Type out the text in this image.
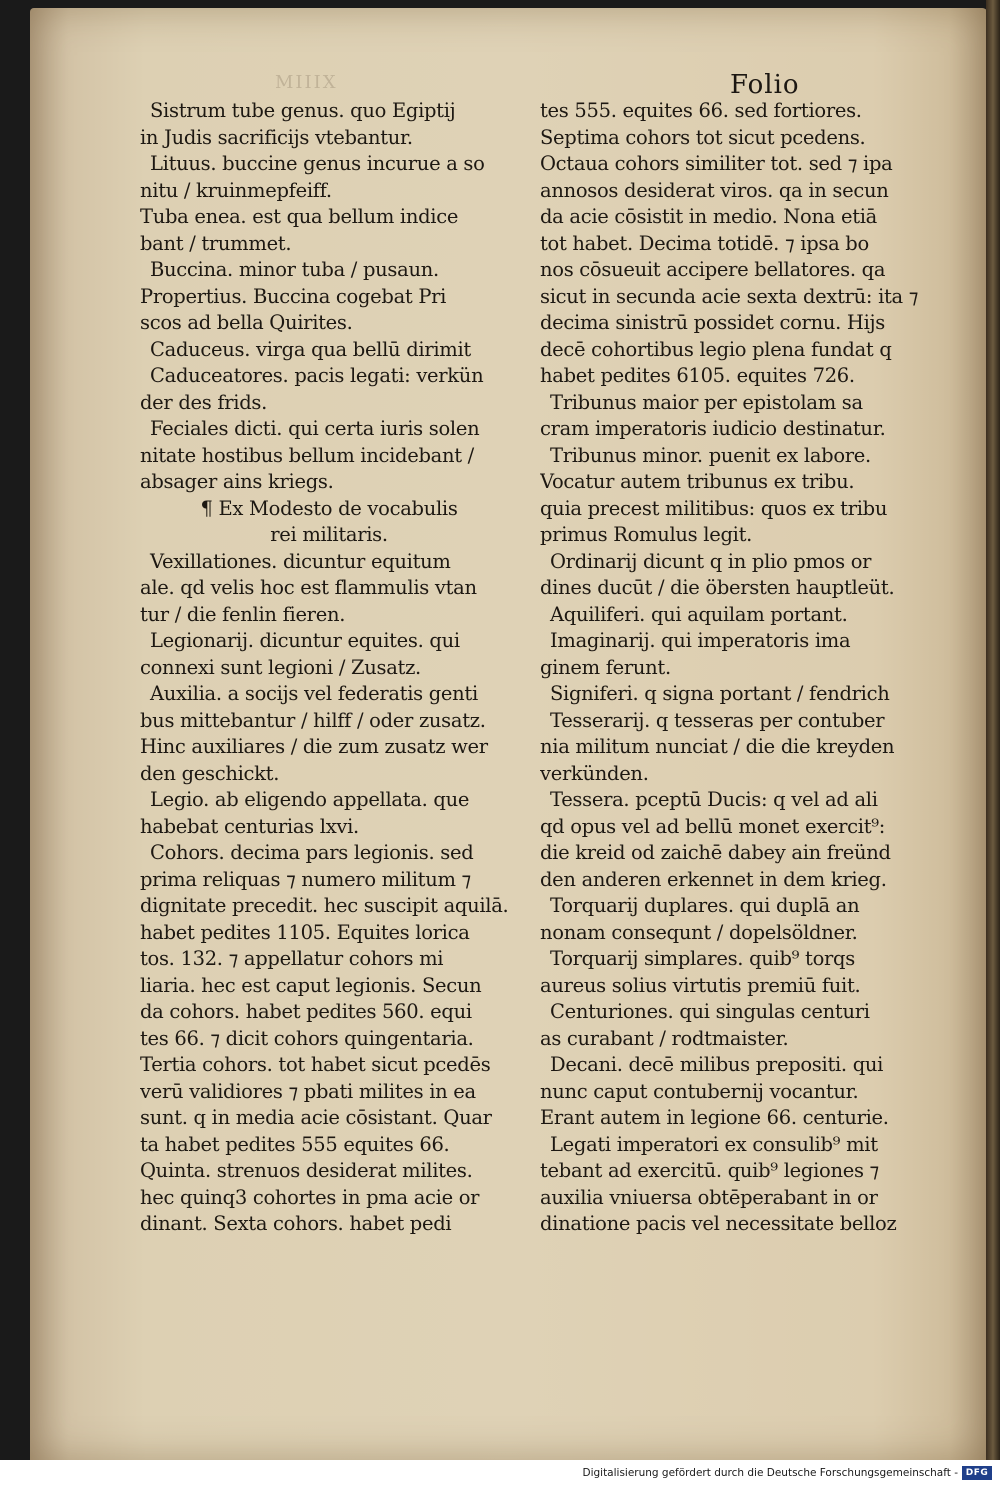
MIIIX	Folio
Sistrum tube genus. quo Egiptij
in Judis sacrificijs vtebantur.
Lituus. buccine genus incurue a so
nitu / kruinmepfeiff.
Tuba enea. est qua bellum indice
bant / trummet.
Buccina. minor tuba / pusaun.
Propertius. Buccina cogebat Pri
scos ad bella Quirites.
Caduceus. virga qua bellū dirimit
Caduceatores. pacis legati: verkün
der des frids.
Feciales dicti. qui certa iuris solen
nitate hostibus bellum incidebant /
absager ains kriegs.
¶ Ex Modesto de vocabulis
rei militaris.
Vexillationes. dicuntur equitum
ale. qd velis hoc est flammulis vtan
tur / die fenlin fieren.
Legionarij. dicuntur equites. qui
connexi sunt legioni / Zusatz.
Auxilia. a socijs vel federatis genti
bus mittebantur / hilff / oder zusatz.
Hinc auxiliares / die zum zusatz wer
den geschickt.
Legio. ab eligendo appellata. que
habebat centurias lxvi.
Cohors. decima pars legionis. sed
prima reliquas ⁊ numero militum ⁊
dignitate precedit. hec suscipit aquilā.
habet pedites 1105. Equites lorica
tos. 132. ⁊ appellatur cohors mi
liaria. hec est caput legionis. Secun
da cohors. habet pedites 560. equi
tes 66. ⁊ dicit cohors quingentaria.
Tertia cohors. tot habet sicut pcedēs
verū validiores ⁊ pbati milites in ea
sunt. q in media acie cōsistant. Quar
ta habet pedites 555 equites 66.
Quinta. strenuos desiderat milites.
hec quinq3 cohortes in pma acie or
dinant. Sexta cohors. habet pedi
tes 555. equites 66. sed fortiores.
Septima cohors tot sicut pcedens.
Octaua cohors similiter tot. sed ⁊ ipa
annosos desiderat viros. qa in secun
da acie cōsistit in medio. Nona etiā
tot habet. Decima totidē. ⁊ ipsa bo
nos cōsueuit accipere bellatores. qa
sicut in secunda acie sexta dextrū: ita ⁊
decima sinistrū possidet cornu. Hijs
decē cohortibus legio plena fundat q
habet pedites 6105. equites 726.
Tribunus maior per epistolam sa
cram imperatoris iudicio destinatur.
Tribunus minor. puenit ex labore.
Vocatur autem tribunus ex tribu.
quia precest militibus: quos ex tribu
primus Romulus legit.
Ordinarij dicunt q in plio pmos or
dines ducūt / die öbersten hauptleüt.
Aquiliferi. qui aquilam portant.
Imaginarij. qui imperatoris ima
ginem ferunt.
Signiferi. q signa portant / fendrich
Tesserarij. q tesseras per contuber
nia militum nunciat / die die kreyden
verkünden.
Tessera. pceptū Ducis: q vel ad ali
qd opus vel ad bellū monet exercit⁹:
die kreid od zaichē dabey ain freünd
den anderen erkennet in dem krieg.
Torquarij duplares. qui duplā an
nonam consequnt / dopelsöldner.
Torquarij simplares. quib⁹ torqs
aureus solius virtutis premiū fuit.
Centuriones. qui singulas centuri
as curabant / rodtmaister.
Decani. decē milibus prepositi. qui
nunc caput contubernij vocantur.
Erant autem in legione 66. centurie.
Legati imperatori ex consulib⁹ mit
tebant ad exercitū. quib⁹ legiones ⁊
auxilia vniuersa obtēperabant in or
dinatione pacis vel necessitate belloz
Digitalisierung gefördert durch die Deutsche Forschungsgemeinschaft - DFG
